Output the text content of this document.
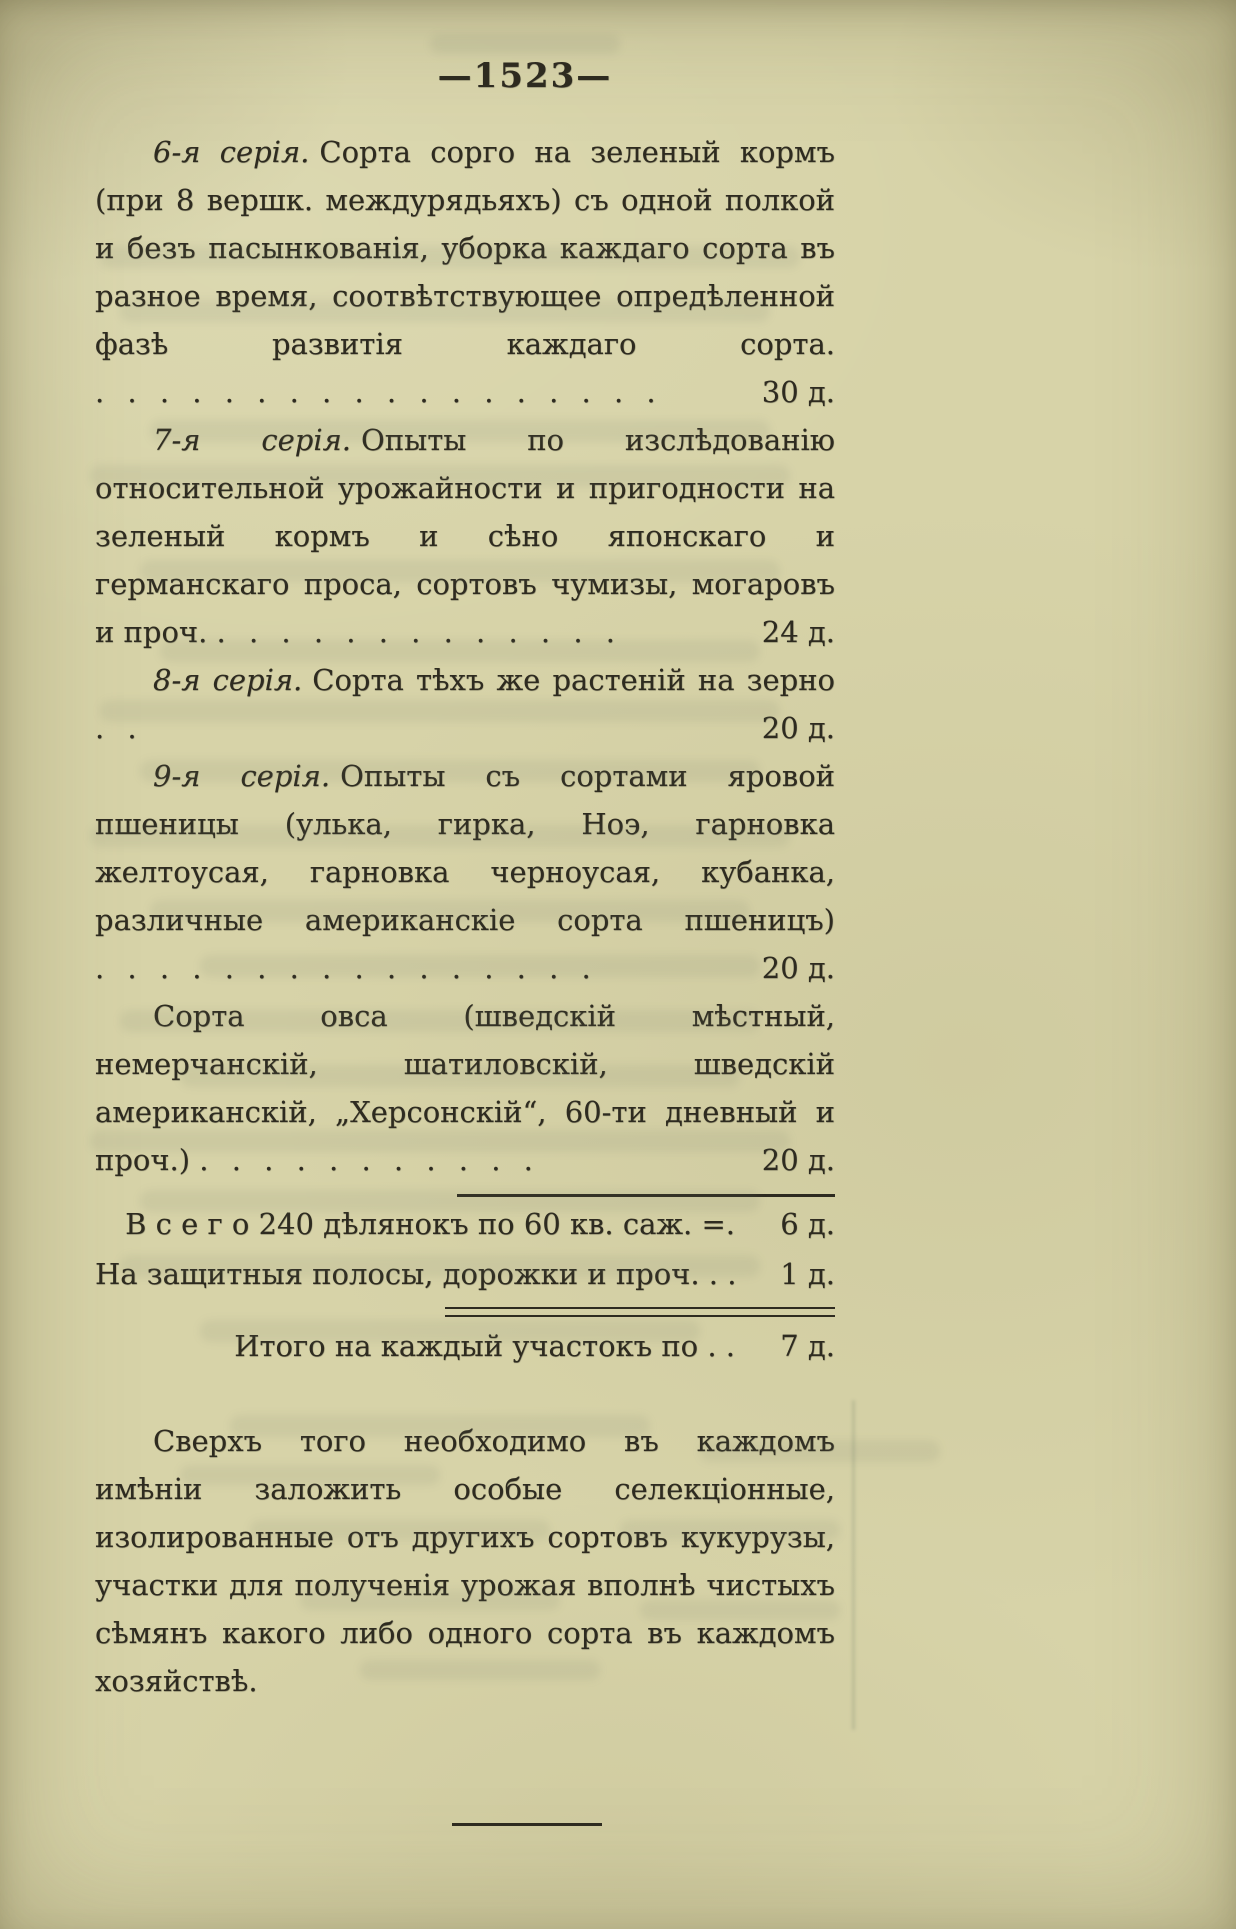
—1523—

6-я серія. Сорта сорго на зеленый кормъ (при 8 вершк. междурядьяхъ) съ одной полкой и безъ пасынкованія, уборка каждаго сорта въ разное время, соотвѣтствующее опредѣленной фазѣ развитія каждаго сорта. . . . . . . . . . . . . . . . . . .	30 д.

7-я серія. Опыты по изслѣдованію относительной урожайности и пригодности на зеленый кормъ и сѣно японскаго и германскаго проса, сортовъ чумизы, могаровъ и проч. . . . . . . . . . . . . .	24 д.

8-я серія. Сорта тѣхъ же растеній на зерно . .	20 д.

9-я серія. Опыты съ сортами яровой пшеницы (улька, гирка, Ноэ, гарновка желтоусая, гарновка черноусая, кубанка, различные американскіе сорта пшеницъ) . . . . . . . . . . . . . . . .	20 д.

Сорта овса (шведскій мѣстный, немерчанскій, шатиловскій, шведскій американскій, „Херсонскій“, 60-ти дневный и проч.) . . . . . . . . . . .	20 д.

В с е г о 240 дѣлянокъ по 60 кв. саж. =.	6 д.
На защитныя полосы, дорожки и проч. . .	1 д.
Итого на каждый участокъ по . .	7 д.

Сверхъ того необходимо въ каждомъ имѣніи заложить особые селекціонные, изолированные отъ другихъ сортовъ кукурузы, участки для полученія урожая вполнѣ чистыхъ сѣмянъ какого либо одного сорта въ каждомъ хозяйствѣ.
